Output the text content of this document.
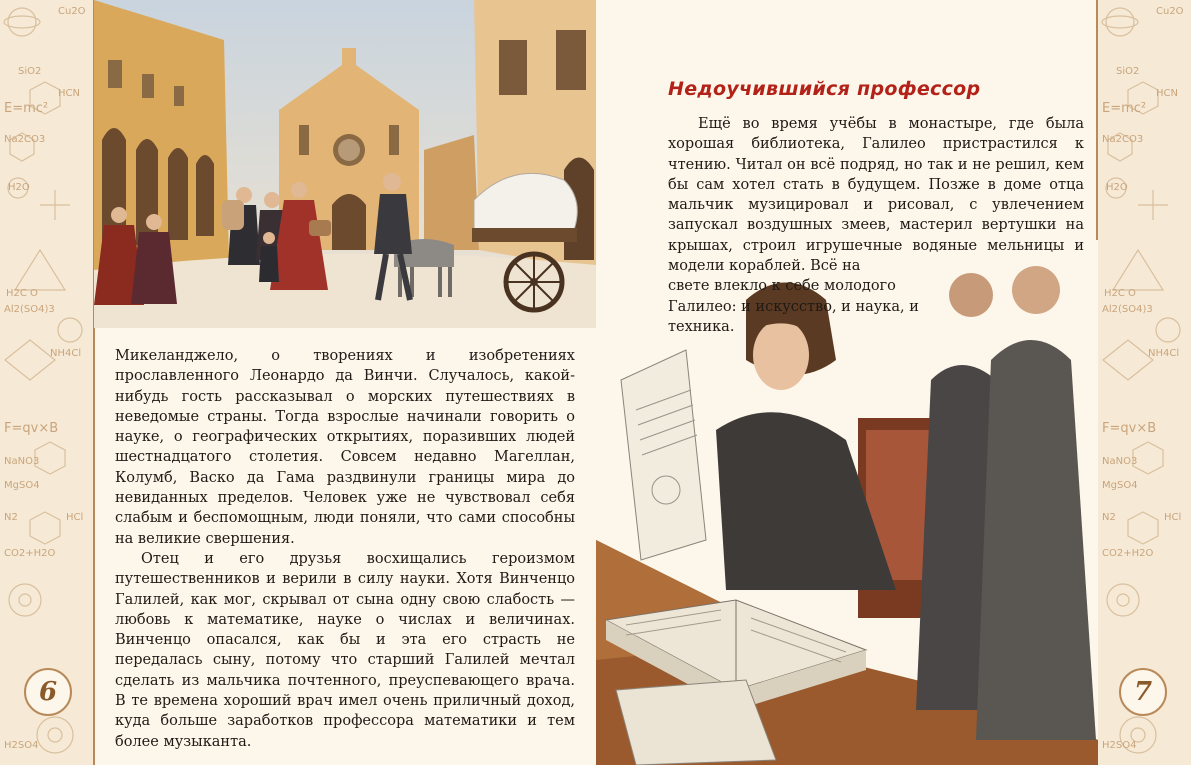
Cu2O
SiO2
HCN
E=mc²
Na2CO3
H2O
H2C O
Al2(SO4)3
NH4Cl
F=qv×B
NaNO3
MgSO4
N2	HCl
CO2+H2O
H2SO4
6
Cu2O
SiO2
HCN
E=mc²
Na2CO3
H2O
H2C O
Al2(SO4)3
NH4Cl
F=qv×B
NaNO3
MgSO4
N2	HCl
CO2+H2O
H2SO4
7

Микеланджело, о творениях и изобретениях прославленного Леонардо да Винчи. Случалось, какой-нибудь гость рассказывал о морских путешествиях в неведомые страны. Тогда взрослые начинали говорить о науке, о географических открытиях, поразивших людей шестнадцатого столетия. Совсем недавно Магеллан, Колумб, Васко да Гама раздвинули границы мира до невиданных пределов. Человек уже не чувствовал себя слабым и беспомощным, люди поняли, что сами способны на великие свершения.

Отец и его друзья восхищались героизмом путешественников и верили в силу науки. Хотя Винченцо Галилей, как мог, скрывал от сына одну свою слабость — любовь к математике, науке о числах и величинах. Винченцо опасался, как бы и эта его страсть не передалась сыну, потому что старший Галилей мечтал сделать из мальчика почтенного, преуспевающего врача. В те времена хороший врач имел очень приличный доход, куда больше заработков профессора математики и тем более музыканта.

Недоучившийся профессор

Ещё во время учёбы в монастыре, где была хорошая библиотека, Галилео пристрастился к чтению. Читал он всё подряд, но так и не решил, кем бы сам хотел стать в будущем. Позже в доме отца мальчик музицировал и рисовал, с увлечением запускал воздушных змеев, мастерил вертушки на крышах, строил игрушечные водяные мельницы и модели кораблей. Всё на

свете влекло к себе молодого Галилео: и искусство, и наука, и техника.
